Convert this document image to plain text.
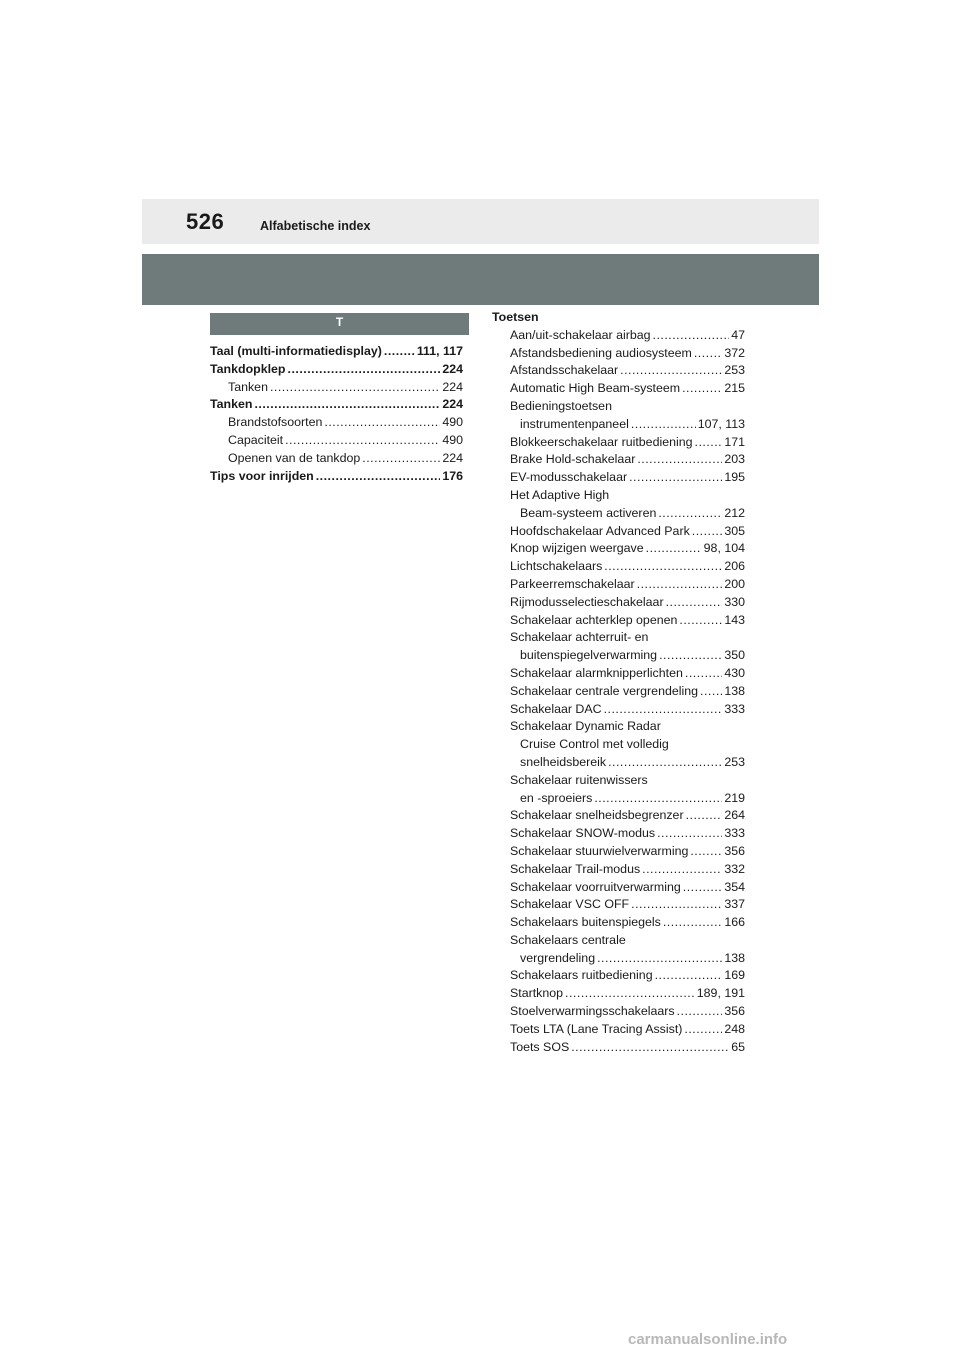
526	Alfabetische index
T
Taal (multi-informatiedisplay) .....	111, 117
Tankdopklep .....	224
Tanken .....	224
Tanken .....	224
Brandstofsoorten .....	490
Capaciteit .....	490
Openen van de tankdop .....	224
Tips voor inrijden .....	176
Toetsen
Aan/uit-schakelaar airbag .....	47
Afstandsbediening audiosysteem .....	372
Afstandsschakelaar .....	253
Automatic High Beam-systeem .....	215
Bedieningstoetsen
instrumentenpaneel .....	107, 113
Blokkeerschakelaar ruitbediening .....	171
Brake Hold-schakelaar .....	203
EV-modusschakelaar .....	195
Het Adaptive High
Beam-systeem activeren .....	212
Hoofdschakelaar Advanced Park .....	305
Knop wijzigen weergave .....	98, 104
Lichtschakelaars .....	206
Parkeerremschakelaar .....	200
Rijmodusselectieschakelaar .....	330
Schakelaar achterklep openen .....	143
Schakelaar achterruit- en
buitenspiegelverwarming .....	350
Schakelaar alarmknipperlichten .....	430
Schakelaar centrale vergrendeling ..... 138
Schakelaar DAC .....	333
Schakelaar Dynamic Radar
Cruise Control met volledig
snelheidsbereik .....	253
Schakelaar ruitenwissers
en -sproeiers .....	219
Schakelaar snelheidsbegrenzer .....	264
Schakelaar SNOW-modus .....	333
Schakelaar stuurwielverwarming .....	356
Schakelaar Trail-modus .....	332
Schakelaar voorruitverwarming .....	354
Schakelaar VSC OFF .....	337
Schakelaars buitenspiegels .....	166
Schakelaars centrale
vergrendeling .....	138
Schakelaars ruitbediening .....	169
Startknop .....	189, 191
Stoelverwarmingsschakelaars .....	356
Toets LTA (Lane Tracing Assist) .....	248
Toets SOS .....	65
carmanualsonline.info
